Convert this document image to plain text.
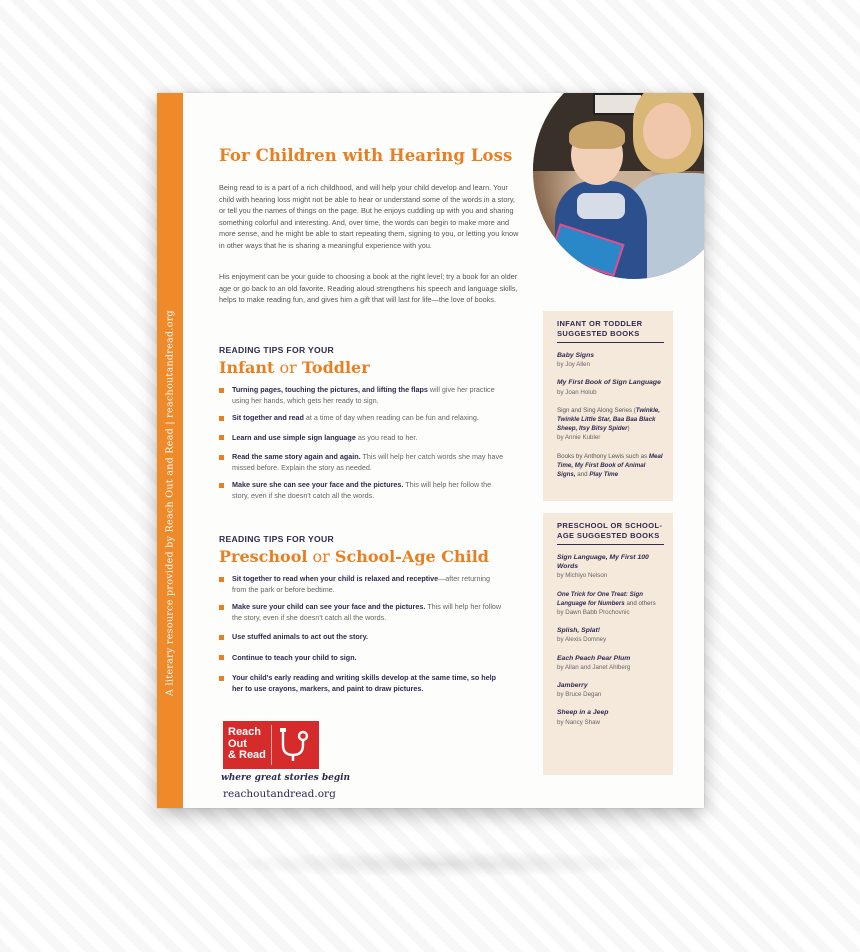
A literary resource provided by Reach Out and Read | reachoutandread.org
For Children with Hearing Loss

Being read to is a part of a rich childhood, and will help your child develop and learn. Your child with hearing loss might not be able to hear or understand some of the words in a story, or tell you the names of things on the page. But he enjoys cuddling up with you and sharing something colorful and interesting. And, over time, the words can begin to make more and more sense, and he might be able to start repeating them, signing to you, or letting you know in other ways that he is sharing a meaningful experience with you.

His enjoyment can be your guide to choosing a book at the right level; try a book for an older age or go back to an old favorite. Reading aloud strengthens his speech and language skills, helps to make reading fun, and gives him a gift that will last for life—the love of books.

READING TIPS FOR YOUR

Infant or Toddler
Turning pages, touching the pictures, and lifting the flaps will give her practice using her hands, which gets her ready to sign.
Sit together and read at a time of day when reading can be fun and relaxing.
Learn and use simple sign language as you read to her.
Read the same story again and again. This will help her catch words she may have missed before. Explain the story as needed.
Make sure she can see your face and the pictures. This will help her follow the story, even if she doesn't catch all the words.

READING TIPS FOR YOUR

Preschool or School-Age Child
Sit together to read when your child is relaxed and receptive—after returning from the park or before bedtime.
Make sure your child can see your face and the pictures. This will help her follow the story, even if she doesn't catch all the words.
Use stuffed animals to act out the story.
Continue to teach your child to sign.
Your child's early reading and writing skills develop at the same time, so help her to use crayons, markers, and paint to draw pictures.

Reach
Out
& Read

where great stories begin
reachoutandread.org

INFANT OR TODDLER SUGGESTED BOOKS

Baby Signs
by Joy Allen
My First Book of Sign Language
by Joan Holub
Sign and Sing Along Series (Twinkle, Twinkle Little Star, Baa Baa Black Sheep, Itsy Bitsy Spider)
by Annie Kubler
Books by Anthony Lewis such as Meal Time, My First Book of Animal Signs, and Play Time

PRESCHOOL OR SCHOOL-AGE SUGGESTED BOOKS

Sign Language, My First 100 Words
by Michiyo Nelson
One Trick for One Treat: Sign Language for Numbers and others
by Dawn Babb Prochovnic
Splish, Splat!
by Alexis Domney
Each Peach Pear Plum
by Allan and Janet Ahlberg
Jamberry
by Bruce Degan
Sheep in a Jeep
by Nancy Shaw
